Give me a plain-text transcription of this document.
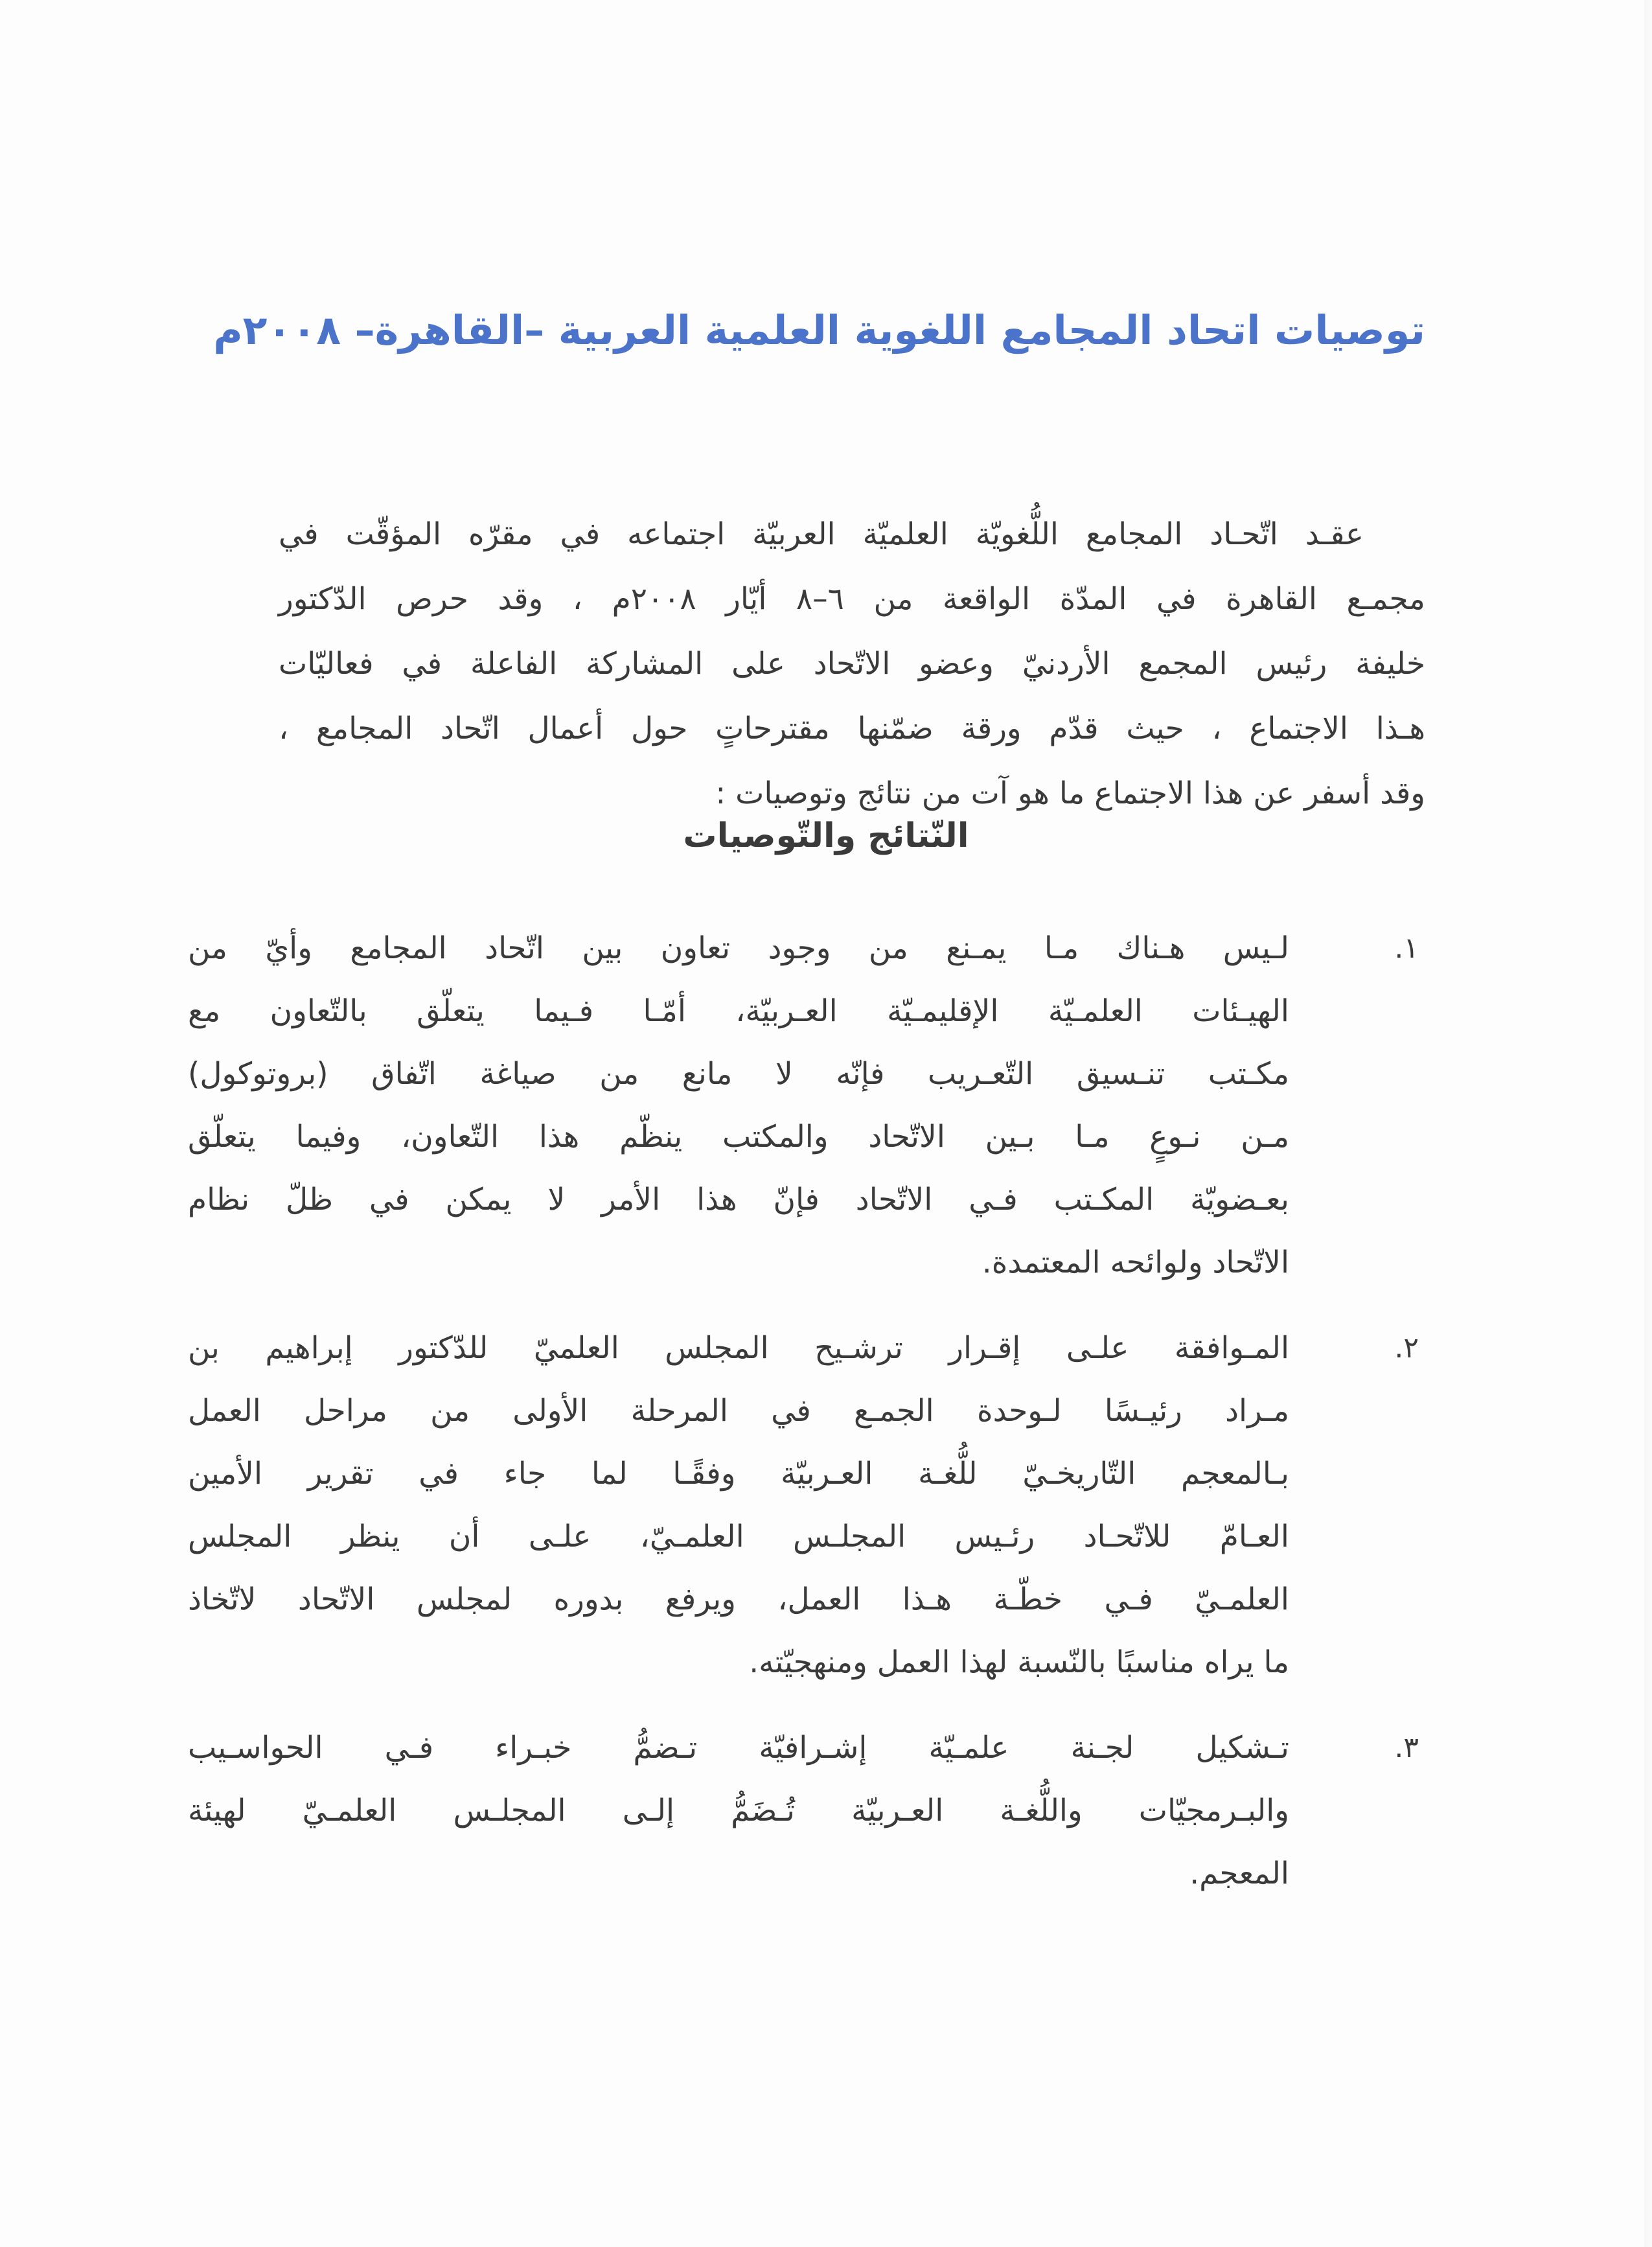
توصيات اتحاد المجامع اللغوية العلمية العربية –القاهرة– ٢٠٠٨م
عقـد اتّحـاد المجامع اللُّغويّة العلميّة العربيّة اجتماعه في مقرّه المؤقّت في
مجمـع القاهرة في المدّة الواقعة من ٦–٨ أيّار ٢٠٠٨م ، وقد حرص الدّكتور
خليفة رئيس المجمع الأردنيّ وعضو الاتّحاد على المشاركة الفاعلة في فعاليّات
هـذا الاجتماع ، حيث قدّم ورقة ضمّنها مقترحاتٍ حول أعمال اتّحاد المجامع ،
وقد أسفر عن هذا الاجتماع ما هو آت من نتائج وتوصيات :
النّتائج والتّوصيات
١.
لـيس هـناك مـا يمـنع من وجود تعاون بين اتّحاد المجامع وأيّ من
الهيـئات العلمـيّة الإقليمـيّة العـربيّة، أمّـا فـيما يتعلّق بالتّعاون مع
مكـتب تنـسيق التّعـريب فإنّه لا مانع من صياغة اتّفاق (بروتوكول)
مـن نـوعٍ مـا بـين الاتّحاد والمكتب ينظّم هذا التّعاون، وفيما يتعلّق
بعـضويّة المكـتب فـي الاتّحاد فإنّ هذا الأمر لا يمكن في ظلّ نظام
الاتّحاد ولوائحه المعتمدة.
٢.
المـوافقة علـى إقـرار ترشـيح المجلس العلميّ للدّكتور إبراهيم بن
مـراد رئيـسًا لـوحدة الجمـع في المرحلة الأولى من مراحل العمل
بـالمعجم التّاريخـيّ للُّغـة العـربيّة وفقًـا لما جاء في تقرير الأمين
العـامّ للاتّحـاد رئـيس المجلـس العلمـيّ، علـى أن ينظر المجلس
العلمـيّ فـي خطّـة هـذا العمل، ويرفع بدوره لمجلس الاتّحاد لاتّخاذ
ما يراه مناسبًا بالنّسبة لهذا العمل ومنهجيّته.
٣.
تـشكيل لجـنة علمـيّة إشـرافيّة تـضمُّ خبـراء فـي الحواسـيب
والبـرمجيّات واللُّغـة العـربيّة تُـضَمُّ إلـى المجلـس العلمـيّ لهيئة
المعجم.
